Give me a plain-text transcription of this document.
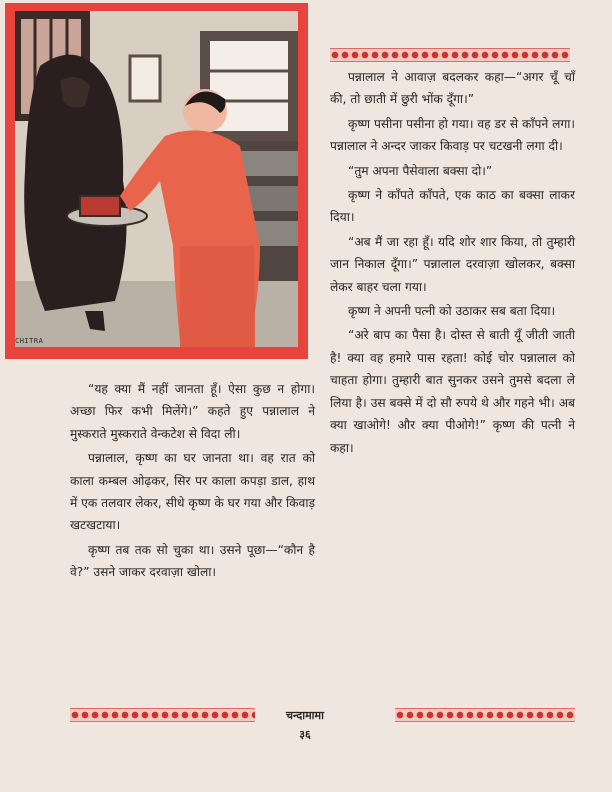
CHITRA

पन्नालाल ने आवाज़ बदलकर कहा—“अगर चूँ चाँ की, तो छाती में छुरी भोंक दूँगा।”

कृष्ण पसीना पसीना हो गया। वह डर से काँपने लगा। पन्नालाल ने अन्दर जाकर किवाड़ पर चटखनी लगा दी।

“तुम अपना पैसेवाला बक्सा दो।”

कृष्ण ने काँपते काँपते, एक काठ का बक्सा लाकर दिया।

“अब मैं जा रहा हूँ। यदि शोर शार किया, तो तुम्हारी जान निकाल दूँगा।” पन्नालाल दरवाज़ा खोलकर, बक्सा लेकर बाहर चला गया।

कृष्ण ने अपनी पत्नी को उठाकर सब बता दिया।

“अरे बाप का पैसा है। दोस्त से बाती यूँ जीती जाती है! क्या वह हमारे पास रहता! कोई चोर पन्नालाल को चाहता होगा। तुम्हारी बात सुनकर उसने तुमसे बदला ले लिया है। उस बक्से में दो सौ रुपये थे और गहने भी। अब क्या खाओगे! और क्या पीओगे!” कृष्ण की पत्नी ने कहा।

“यह क्या मैं नहीं जानता हूँ। ऐसा कुछ न होगा। अच्छा फिर कभी मिलेंगे।” कहते हुए पन्नालाल ने मुस्कराते मुस्कराते वेन्कटेश से विदा ली।

पन्नालाल, कृष्ण का घर जानता था। वह रात को काला कम्बल ओढ़कर, सिर पर काला कपड़ा डाल, हाथ में एक तलवार लेकर, सीधे कृष्ण के घर गया और किवाड़ खटखटाया।

कृष्ण तब तक सो चुका था। उसने पूछा—“कौन है वे?” उसने जाकर दरवाज़ा खोला।

चन्दामामा
३६
